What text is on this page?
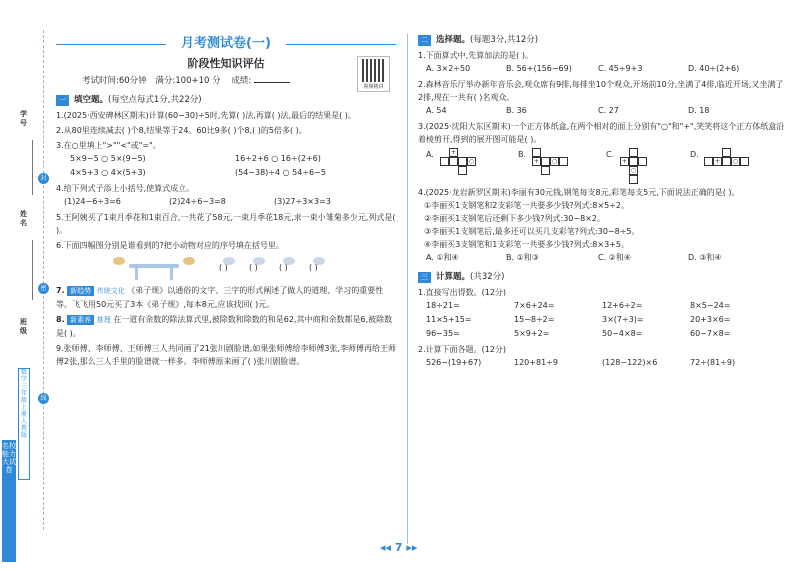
学号
姓名
班级
封
密
线
数学三年级 上册 人教版
名校能力大试卷
月考测试卷(一)
阶段性知识评估
考试时间:60分钟 满分:100+10 分 成绩:
视频精讲
一 填空题。 (每空点每式1分,共22分)
1.(2025·西安碑林区期末)计算(60−30)÷5时,先算( )法,再算( )法,最后的结果是( )。
2.从80里连续减去( )个8,结果等于24。60比9多( )个8,( )的5倍多( )。
3.在○里填上">""<"或"="。
5×9−5 ○ 5×(9−5)	16÷2+6 ○ 16÷(2+6)
4×5+3 ○ 4×(5+3)	(54−38)÷4 ○ 54÷6−5
4.给下列式子添上小括号,使算式成立。
(1)24−6÷3=6	(2)24÷6−3=8	(3)27÷3×3=3
5.王阿姨买了1束月季花和1束百合,一共花了58元,一束月季花18元,求一束小雏菊多少元,列式是( )。
6.下面四幅图分别是谁看到的?把小动物对应的序号填在括号里。
( )	( )	( )	( )
7. 新趋势 传统文化 《弟子规》以通俗的文字、三字的形式阐述了做人的道理、学习的重要性等。飞飞用50元买了3本《弟子规》,每本8元,应该找回( )元。
8. 新素养 推理 在一道有余数的除法算式里,被除数和除数的和是62,其中商和余数都是6,被除数是( )。
9.张师傅、李师傅、王师傅三人共同画了21张川剧脸谱,如果张师傅给李师傅3张,李师傅再给王师傅2张,那么三人手里的脸谱就一样多。李师傅原来画了( )张川剧脸谱。
二 选择题。 (每题3分,共12分)
1.下面算式中,先算加法的是( )。
A. 3×2÷50	B. 56+(156−69)	C. 45÷9+3	D. 40÷(2+6)
2.森林音乐厅举办新年音乐会,观众席有9排,每排坐10个观众,开场前10分,坐满了4排,临近开场,又坐满了2排,现在一共有( )名观众。
A. 54	B. 36	C. 27	D. 18
3.(2025·沈阳大东区期末)一个正方体纸盒,在两个相对的面上分别有"○"和"+",笑笑将这个正方体纸盒沿着棱剪开,得到的展开图可能是( )。
A.	+
○
B.
+	○
C.
+
○
D.
+	○
4.(2025·龙岩新罗区期末)李丽有30元钱,钢笔每支8元,彩笔每支5元,下面说法正确的是( )。
①李丽买1支钢笔和2支彩笔一共要多少钱?列式:8×5÷2。
②李丽买1支钢笔后还剩下多少钱?列式:30−8×2。
③李丽买1支钢笔后,最多还可以买几支彩笔?列式:30−8÷5。
④李丽买3支钢笔和1支彩笔一共要多少钱?列式:8×3+5。
A. ①和④	B. ①和③	C. ②和④	D. ③和④
三 计算题。 (共32分)
1.直接写出得数。(12分)
18÷21=	7×6+24=	12+6÷2=	8×5−24=
11×5+15=	15−8÷2=	3×(7÷3)=	20+3×6=
96−35=	5×9+2=	50−4×8=	60−7×8=
2.计算下面各题。(12分)
526−(19+67)	120+81÷9	(128−122)×6	72÷(81÷9)
◂◂ 7 ▸▸
